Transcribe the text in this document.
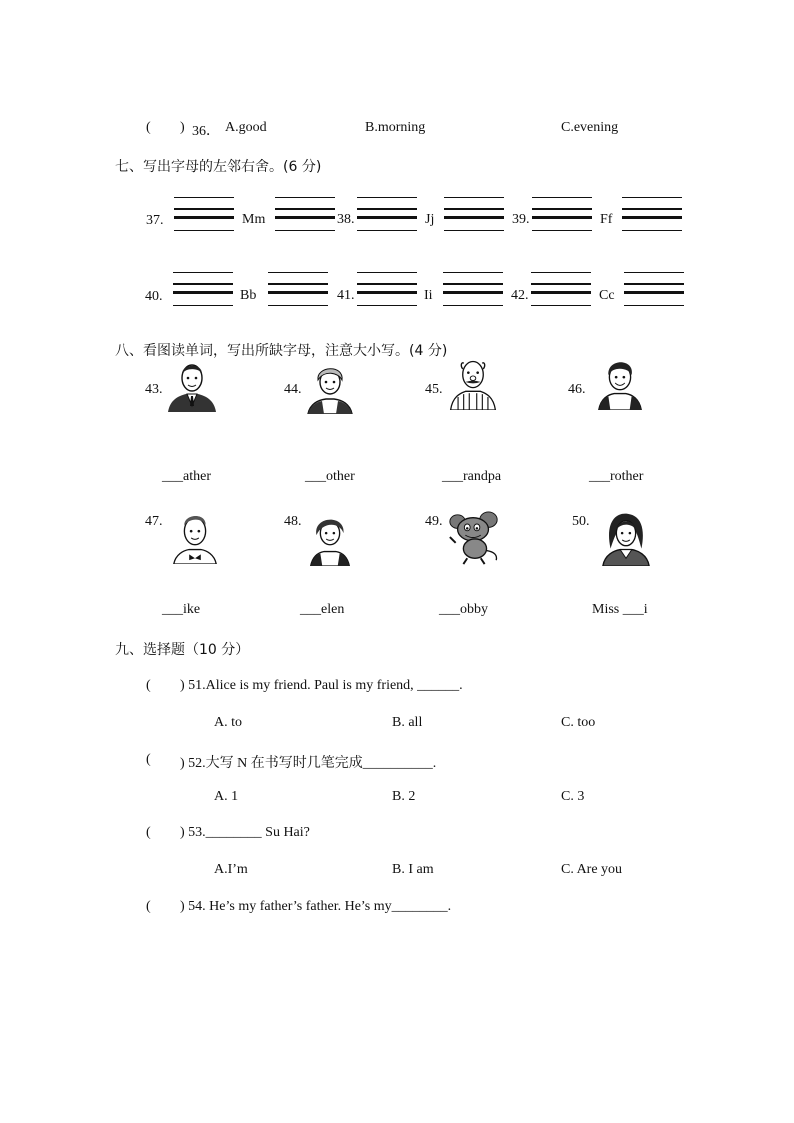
( ) 36． A.good	B.morning	C.evening
七、写出字母的左邻右舍。(6 分)
37.	Mm	38.	Jj	39.	Ff
40.	Bb	41.	Ii	42.	Cc
八、看图读单词，写出所缺字母，注意大小写。(4 分)
43.
___ather
44.
___other
45.
___randpa
46.
___rother
47.
___ike
48.
___elen
49.
___obby
50.
Miss ___i
九、选择题（10 分）
( ) 51.Alice is my friend. Paul is my friend, ______.
A. to	B. all	C. too
( ) 52.大写 N 在书写时几笔完成__________.
A. 1	B. 2	C. 3
( ) 53.________ Su Hai?
A.I’m	B. I am	C. Are you
( ) 54. He’s my father’s father. He’s my________.
